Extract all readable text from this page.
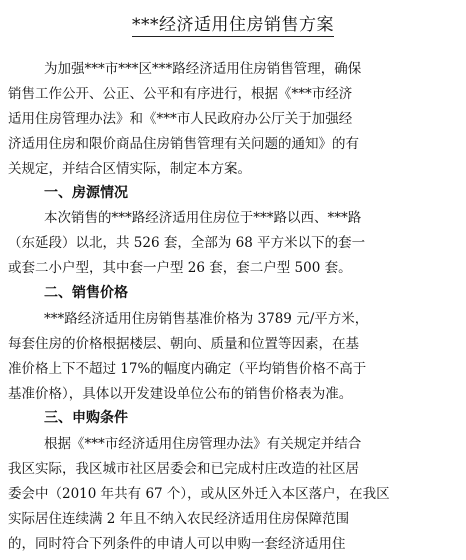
***经济适用住房销售方案
为加强***市***区***路经济适用住房销售管理，确保
销售工作公开、公正、公平和有序进行，根据《***市经济
适用住房管理办法》和《***市人民政府办公厅关于加强经
济适用住房和限价商品住房销售管理有关问题的通知》的有
关规定，并结合区情实际，制定本方案。
一、房源情况
本次销售的***路经济适用住房位于***路以西、***路
（东延段）以北，共 526 套，全部为 68 平方米以下的套一
或套二小户型，其中套一户型 26 套，套二户型 500 套。
二、销售价格
***路经济适用住房销售基准价格为 3789 元/平方米，
每套住房的价格根据楼层、朝向、质量和位置等因素，在基
准价格上下不超过 17%的幅度内确定（平均销售价格不高于
基准价格），具体以开发建设单位公布的销售价格表为准。
三、申购条件
根据《***市经济适用住房管理办法》有关规定并结合
我区实际，我区城市社区居委会和已完成村庄改造的社区居
委会中（2010 年共有 67 个），或从区外迁入本区落户，在我区
实际居住连续满 2 年且不纳入农民经济适用住房保障范围
的，同时符合下列条件的申请人可以申购一套经济适用住
